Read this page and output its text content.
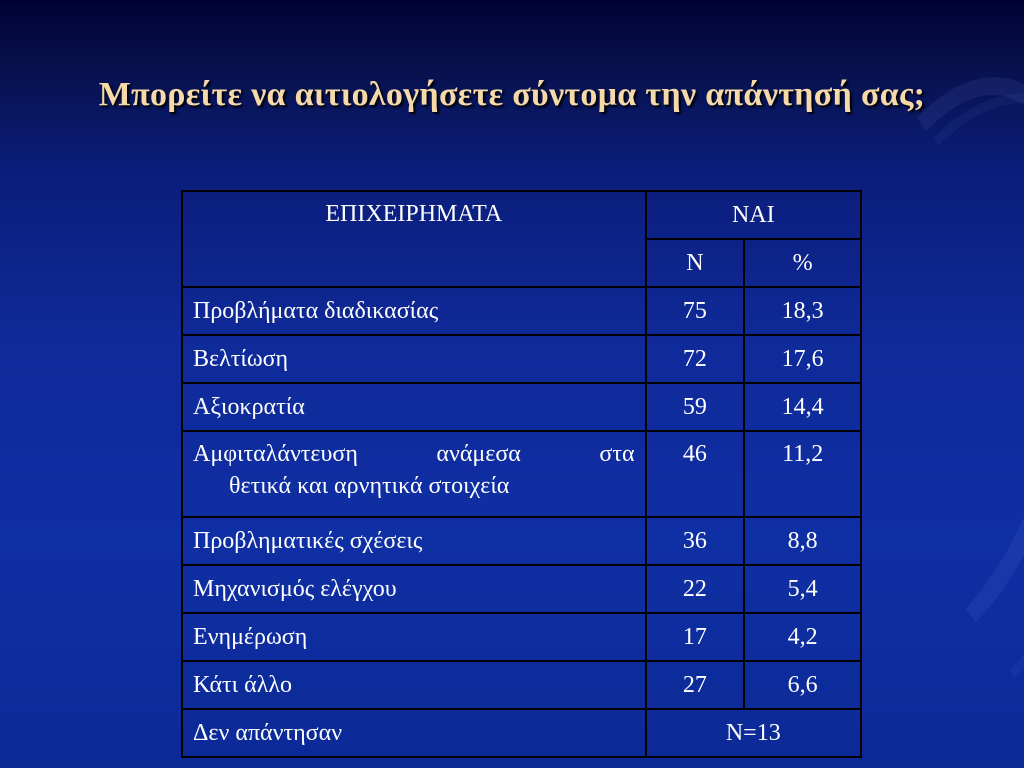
Μπορείτε να αιτιολογήσετε σύντομα την απάντησή σας;
ΕΠΙΧΕΙΡΗΜΑΤΑ	ΝΑΙ	
	Ν	%
Προβλήματα διαδικασίας	75	18,3
Βελτίωση	72	17,6
Αξιοκρατία	59	14,4

Αμφιταλάντευση ανάμεσα στα
θετικά και αρνητικά στοιχεία	46	11,2
Προβληματικές σχέσεις	36	8,8
Μηχανισμός ελέγχου	22	5,4
Ενημέρωση	17	4,2
Κάτι άλλο	27	6,6
Δεν απάντησαν	N=13	
